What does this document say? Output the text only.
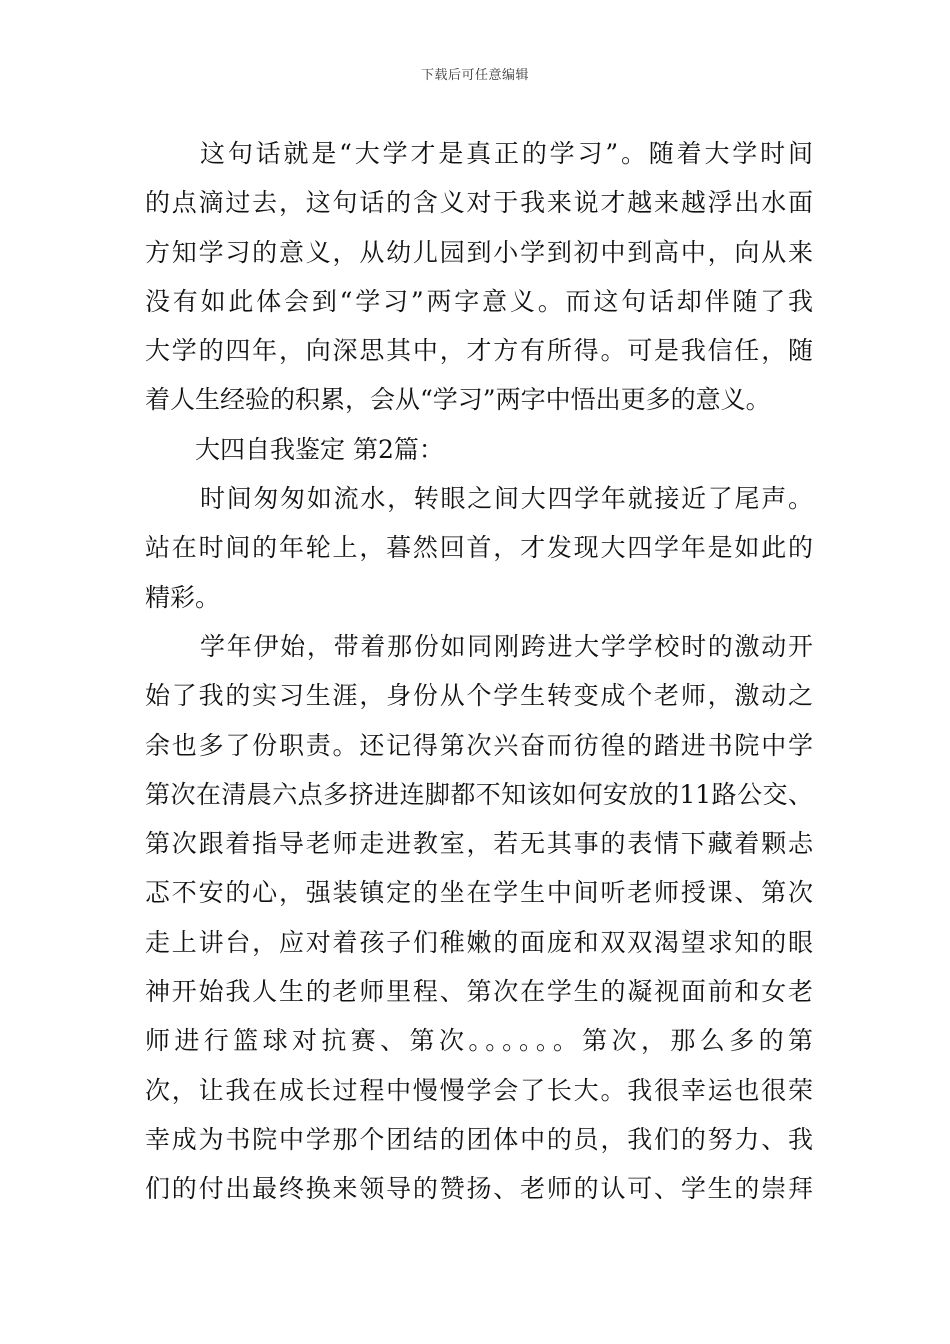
下载后可任意编辑
这句话就是“大学才是真正的学习”。随着大学时间
的点滴过去，这句话的含义对于我来说才越来越浮出水面
方知学习的意义，从幼儿园到小学到初中到高中，向从来
没有如此体会到“学习”两字意义。而这句话却伴随了我
大学的四年，向深思其中，才方有所得。可是我信任，随
着人生经验的积累，会从“学习”两字中悟出更多的意义。
大四自我鉴定 第2篇：
时间匆匆如流水，转眼之间大四学年就接近了尾声。
站在时间的年轮上，暮然回首，才发现大四学年是如此的
精彩。
学年伊始，带着那份如同刚跨进大学学校时的激动开
始了我的实习生涯，身份从个学生转变成个老师，激动之
余也多了份职责。还记得第次兴奋而彷徨的踏进书院中学
第次在清晨六点多挤进连脚都不知该如何安放的11路公交、
第次跟着指导老师走进教室，若无其事的表情下藏着颗忐
忑不安的心，强装镇定的坐在学生中间听老师授课、第次
走上讲台，应对着孩子们稚嫩的面庞和双双渴望求知的眼
神开始我人生的老师里程、第次在学生的凝视面前和女老
师进行篮球对抗赛、第次。。。。。。第次，那么多的第
次，让我在成长过程中慢慢学会了长大。我很幸运也很荣
幸成为书院中学那个团结的团体中的员，我们的努力、我
们的付出最终换来领导的赞扬、老师的认可、学生的崇拜
